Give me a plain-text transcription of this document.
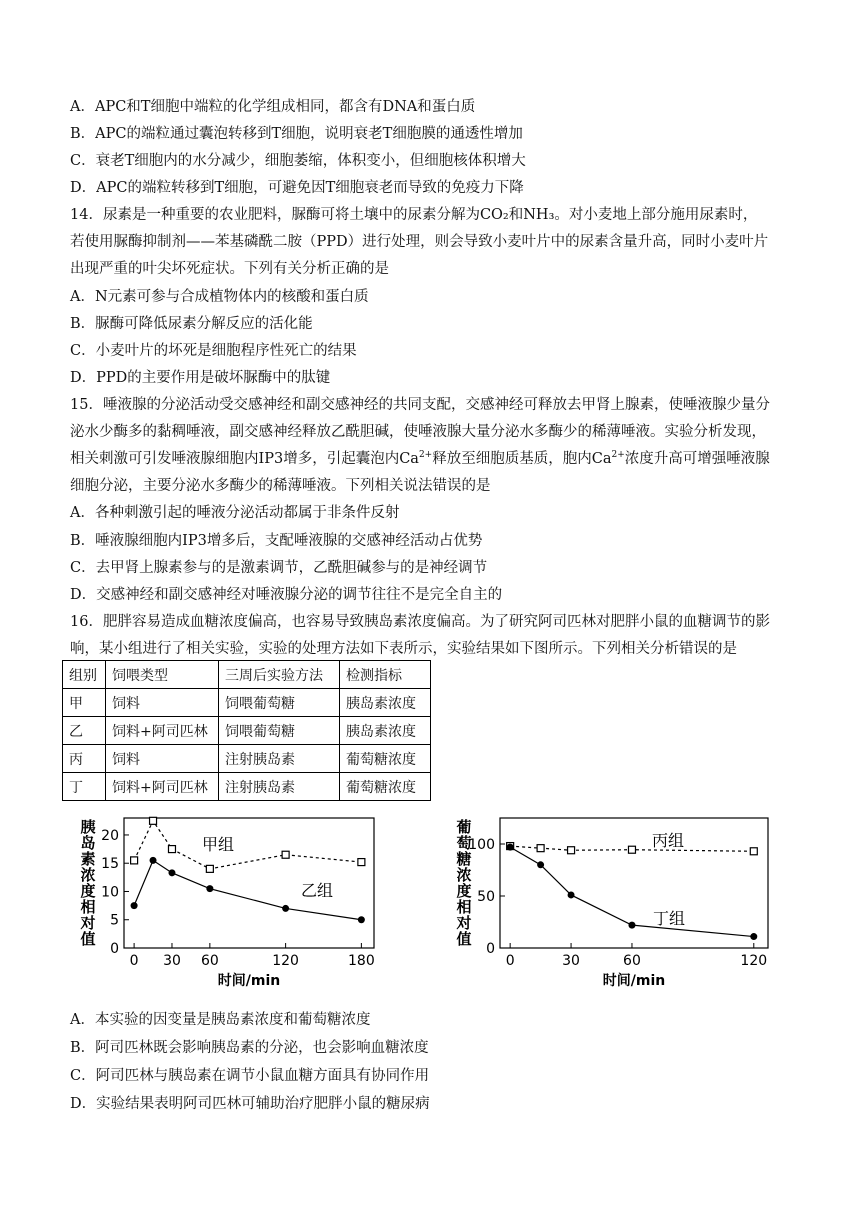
A．APC和T细胞中端粒的化学组成相同，都含有DNA和蛋白质
B．APC的端粒通过囊泡转移到T细胞，说明衰老T细胞膜的通透性增加
C．衰老T细胞内的水分减少，细胞萎缩，体积变小，但细胞核体积增大
D．APC的端粒转移到T细胞，可避免因T细胞衰老而导致的免疫力下降
14．尿素是一种重要的农业肥料，脲酶可将土壤中的尿素分解为CO₂和NH₃。对小麦地上部分施用尿素时，
若使用脲酶抑制剂——苯基磷酰二胺（PPD）进行处理，则会导致小麦叶片中的尿素含量升高，同时小麦叶片
出现严重的叶尖坏死症状。下列有关分析正确的是
A．N元素可参与合成植物体内的核酸和蛋白质
B．脲酶可降低尿素分解反应的活化能
C．小麦叶片的坏死是细胞程序性死亡的结果
D．PPD的主要作用是破坏脲酶中的肽键
15．唾液腺的分泌活动受交感神经和副交感神经的共同支配，交感神经可释放去甲肾上腺素，使唾液腺少量分
泌水少酶多的黏稠唾液，副交感神经释放乙酰胆碱，使唾液腺大量分泌水多酶少的稀薄唾液。实验分析发现，
相关刺激可引发唾液腺细胞内IP3增多，引起囊泡内$Ca^{2+}$释放至细胞质基质，胞内$Ca^{2+}$浓度升高可增强唾液腺
细胞分泌，主要分泌水多酶少的稀薄唾液。下列相关说法错误的是
A．各种刺激引起的唾液分泌活动都属于非条件反射
B．唾液腺细胞内IP3增多后，支配唾液腺的交感神经活动占优势
C．去甲肾上腺素参与的是激素调节，乙酰胆碱参与的是神经调节
D．交感神经和副交感神经对唾液腺分泌的调节往往不是完全自主的
16．肥胖容易造成血糖浓度偏高，也容易导致胰岛素浓度偏高。为了研究阿司匹林对肥胖小鼠的血糖调节的影
响，某小组进行了相关实验，实验的处理方法如下表所示，实验结果如下图所示。下列相关分析错误的是
组别	饲喂类型	三周后实验方法	检测指标
甲	饲料	饲喂葡萄糖	胰岛素浓度
乙	饲料+阿司匹林	饲喂葡萄糖	胰岛素浓度
丙	饲料	注射胰岛素	葡萄糖浓度
丁	饲料+阿司匹林	注射胰岛素	葡萄糖浓度
0
5
10
15
20
0 30 60	120	180
时间/min
胰岛素浓度相对值
甲组
乙组
0
50
100
0	30	60	120
时间/min
葡萄糖浓度相对值
丙组
丁组
A．本实验的因变量是胰岛素浓度和葡萄糖浓度
B．阿司匹林既会影响胰岛素的分泌，也会影响血糖浓度
C．阿司匹林与胰岛素在调节小鼠血糖方面具有协同作用
D．实验结果表明阿司匹林可辅助治疗肥胖小鼠的糖尿病
